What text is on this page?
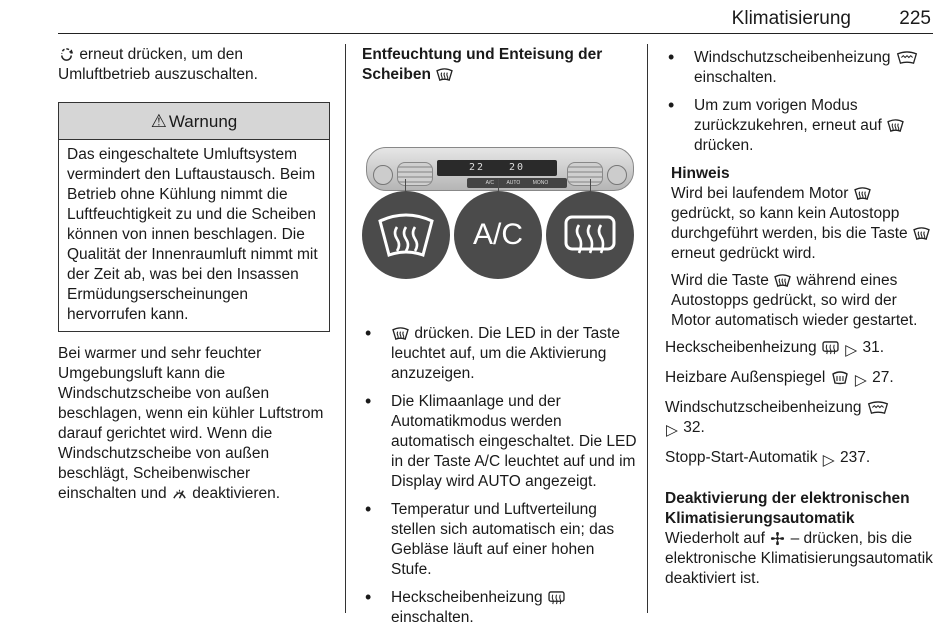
Klimatisierung	225

erneut drücken, um den Umluftbetrieb auszuschalten.

⚠ Warnung
Das eingeschaltete Umluftsystem vermindert den Luftaustausch. Beim Betrieb ohne Kühlung nimmt die Luftfeuchtigkeit zu und die Scheiben können von innen beschlagen. Die Qualität der Innenraumluft nimmt mit der Zeit ab, was bei den Insassen Ermüdungserscheinungen hervorrufen kann.

Bei warmer und sehr feuchter Umgebungsluft kann die Windschutzscheibe von außen beschlagen, wenn ein kühler Luftstrom darauf gerichtet wird. Wenn die Windschutzscheibe von außen beschlägt, Scheibenwischer einschalten und deaktivieren.

Entfeuchtung und Enteisung der Scheiben

22 20
A/C AUTO MONO
A/C
• drücken. Die LED in der Taste leuchtet auf, um die Aktivierung anzuzeigen.
• Die Klimaanlage und der Automatikmodus werden automatisch eingeschaltet. Die LED in der Taste A/C leuchtet auf und im Display wird AUTO angezeigt.
• Temperatur und Luftverteilung stellen sich automatisch ein; das Gebläse läuft auf einer hohen Stufe.
• Heckscheibenheizung
einschalten.
• Windschutzscheibenheizung
einschalten.
• Um zum vorigen Modus zurückzukehren, erneut auf
drücken.

Hinweis

Wird bei laufendem Motor
gedrückt, so kann kein Autostopp durchgeführt werden, bis die Taste
erneut gedrückt wird.

Wird die Taste während eines Autostopps gedrückt, so wird der Motor automatisch wieder gestartet.

Heckscheibenheizung ▷ 31.
Heizbare Außenspiegel ▷ 27.
Windschutzscheibenheizung

▷ 32.
Stopp-Start-Automatik ▷ 237.

Deaktivierung der elektronischen Klimatisierungsautomatik

Wiederholt auf – drücken, bis die elektronische Klimatisierungsautomatik deaktiviert ist.
